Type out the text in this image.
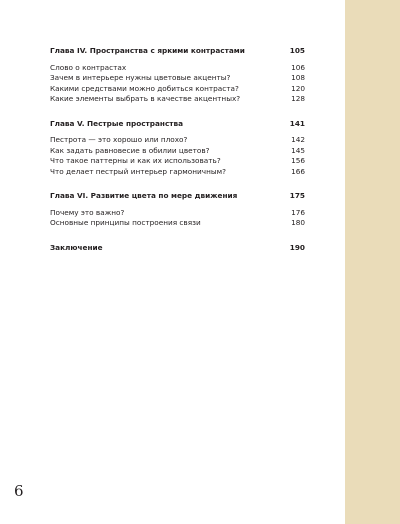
Глава IV. Пространства с яркими контрастами	105
Слово о контрастах	106
Зачем в интерьере нужны цветовые акценты?	108
Какими средствами можно добиться контраста?	120
Какие элементы выбрать в качестве акцентных?	128
Глава V. Пестрые пространства	141
Пестрота — это хорошо или плохо?	142
Как задать равновесие в обилии цветов?	145
Что такое паттерны и как их использовать?	156
Что делает пестрый интерьер гармоничным?	166
Глава VI. Развитие цвета по мере движения	175
Почему это важно?	176
Основные принципы построения связи	180
Заключение	190
6
